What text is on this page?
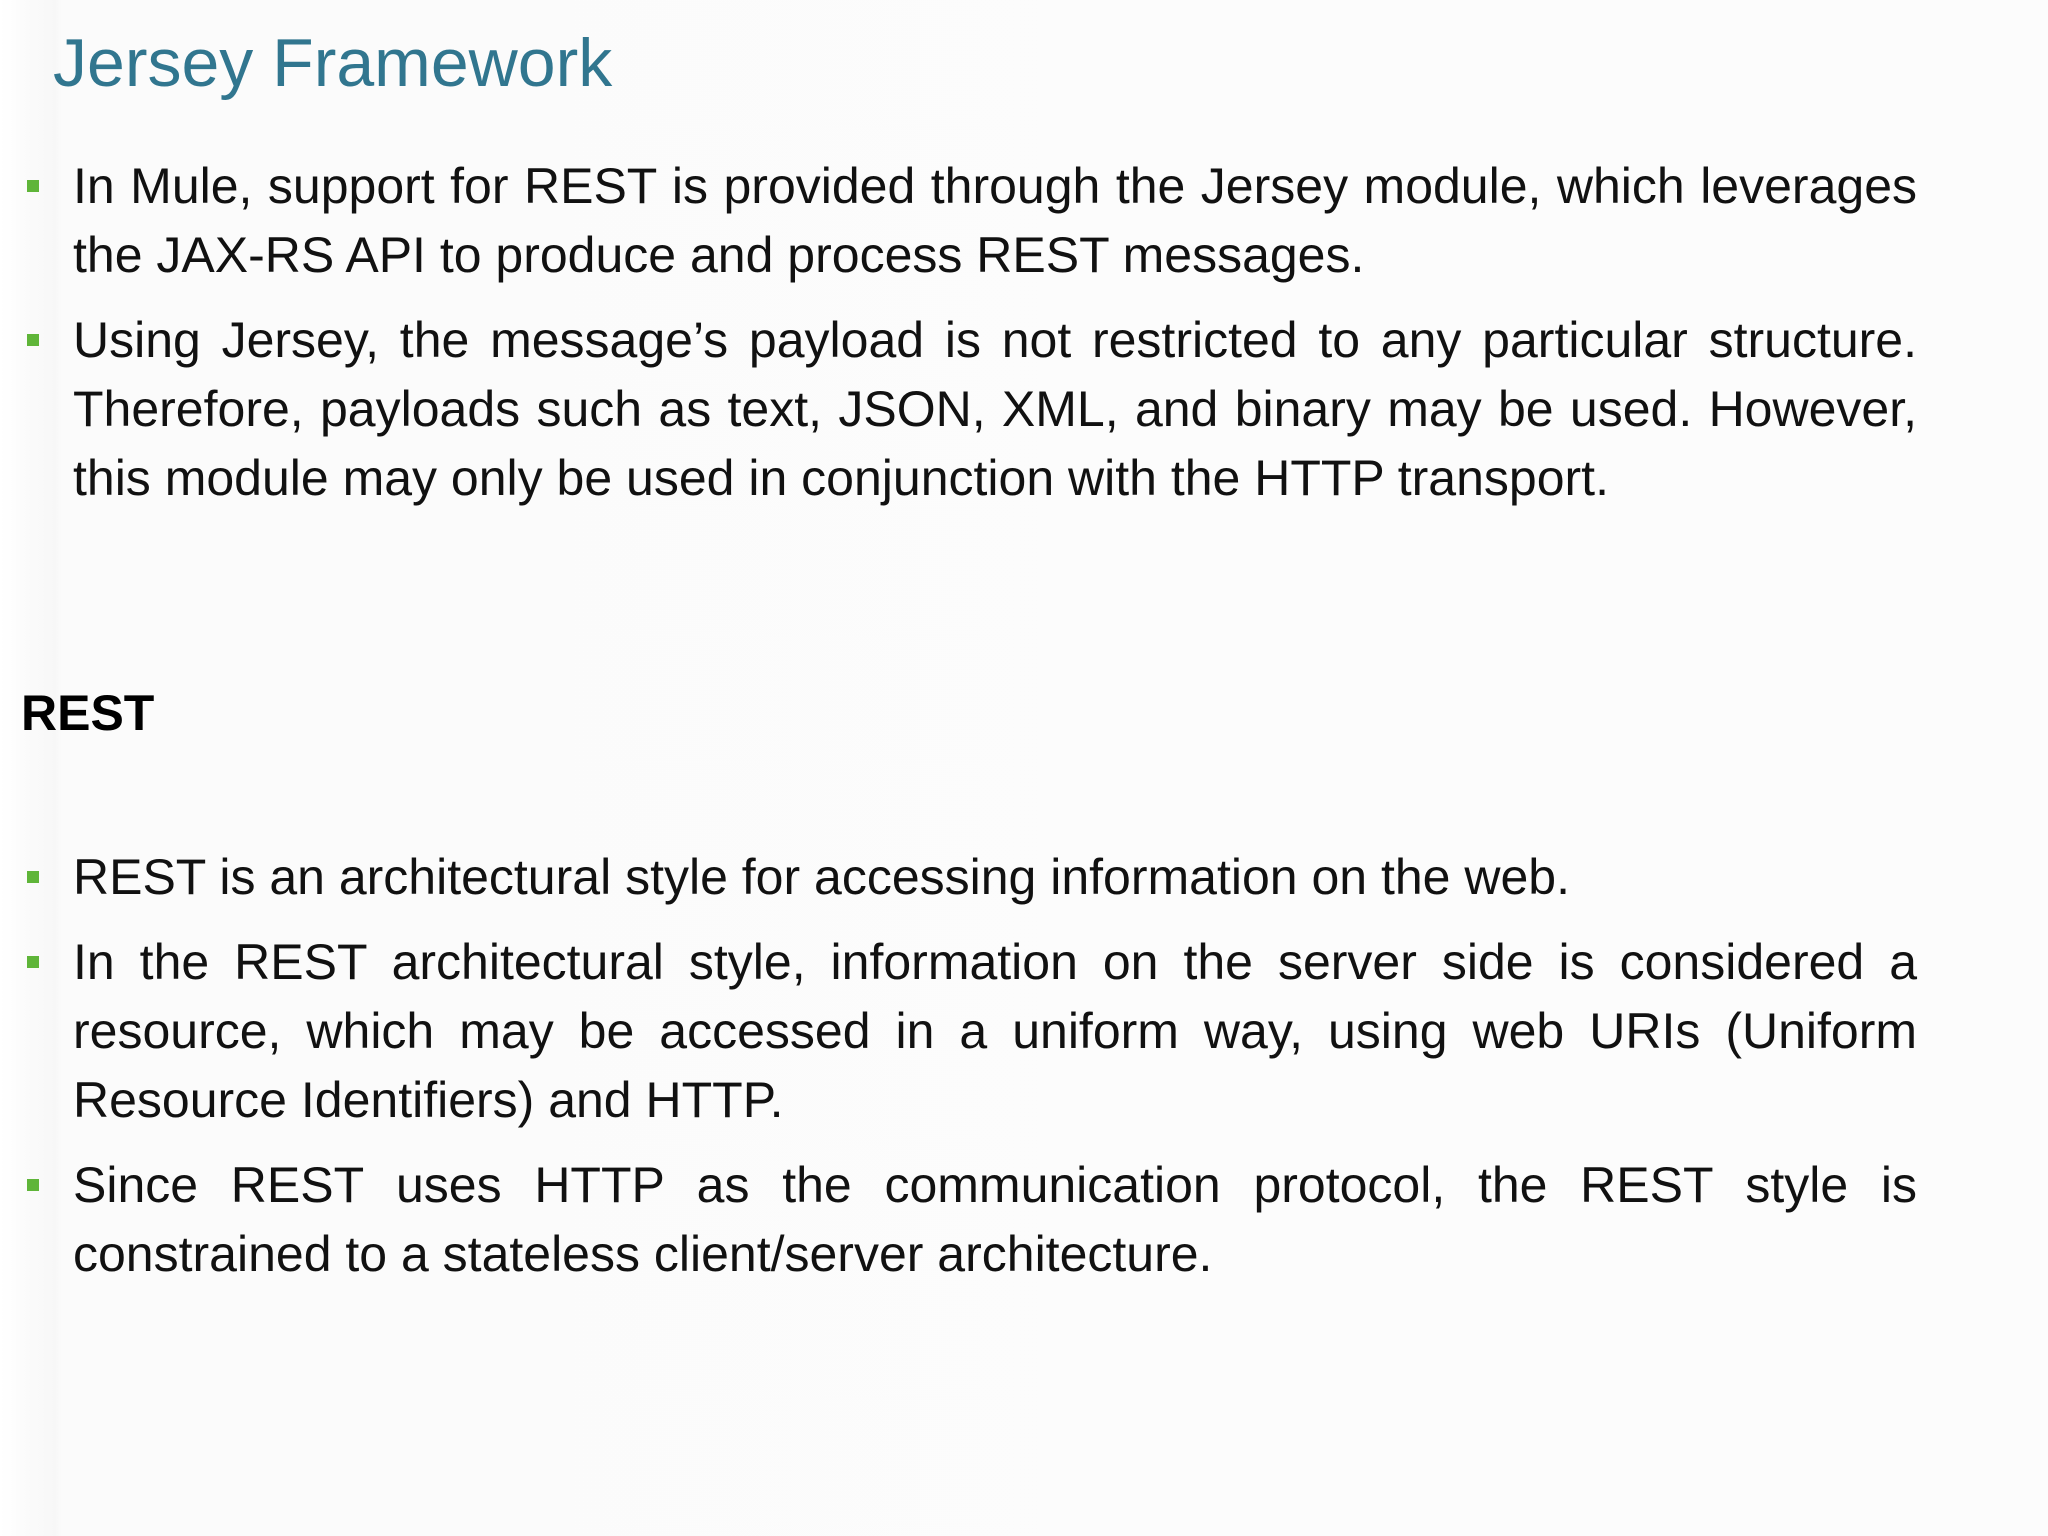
Jersey Framework
In Mule, support for REST is provided through the Jersey module, which leverages the JAX-RS API to produce and process REST messages.
Using Jersey, the message’s payload is not restricted to any particular structure. Therefore, payloads such as text, JSON, XML, and binary may be used. However, this module may only be used in conjunction with the HTTP transport.
REST
REST is an architectural style for accessing information on the web.
In the REST architectural style, information on the server side is considered a resource, which may be accessed in a uniform way, using web URIs (Uniform Resource Identifiers) and HTTP.
Since REST uses HTTP as the communication protocol, the REST style is constrained to a stateless client/server architecture.
